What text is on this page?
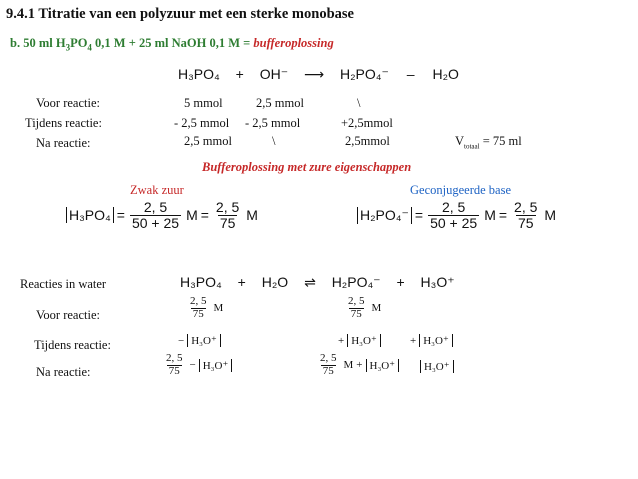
9.4.1 Titratie van een polyzuur met een sterke monobase
b. 50 ml $H_3PO_4$ 0,1 M + 25 ml NaOH 0,1 M = bufferoplossing
H₃PO₄ + OH⁻ ⟶ H₂PO₄⁻ – H₂O
Voor reactie:	5 mmol	2,5 mmol	\
Tijdens reactie:	- 2,5 mmol - 2,5 mmol	+2,5mmol
Na reactie:	2,5 mmol	\	2,5mmol	$V_{totaal} = 75$ ml
Bufferoplossing met zure eigenschappen
Zwak zuur	Geconjugeerde base
$H_3PO_4 = \frac{2, 5}{50 + 25}$ $M = \frac{2, 5}{75}$ M	$H_2PO_4^- = \frac{2, 5}{50 + 25}$ $M = \frac{2, 5}{75}$ M
Reacties in water	H₃PO₄ + H₂O ⇌ H₂PO₄⁻ + H₃O⁺
Voor reactie:	$\frac{2, 5}{75}$ M	$\frac{2, 5}{75}$ M
Tijdens reactie:	− H₃O⁺	+ H₃O⁺	+ H₃O⁺
Na reactie:	$\frac{2, 5}{75} - H_3O^+$	$\frac{2, 5}{75}$ M + H₃O⁺	H₃O⁺
